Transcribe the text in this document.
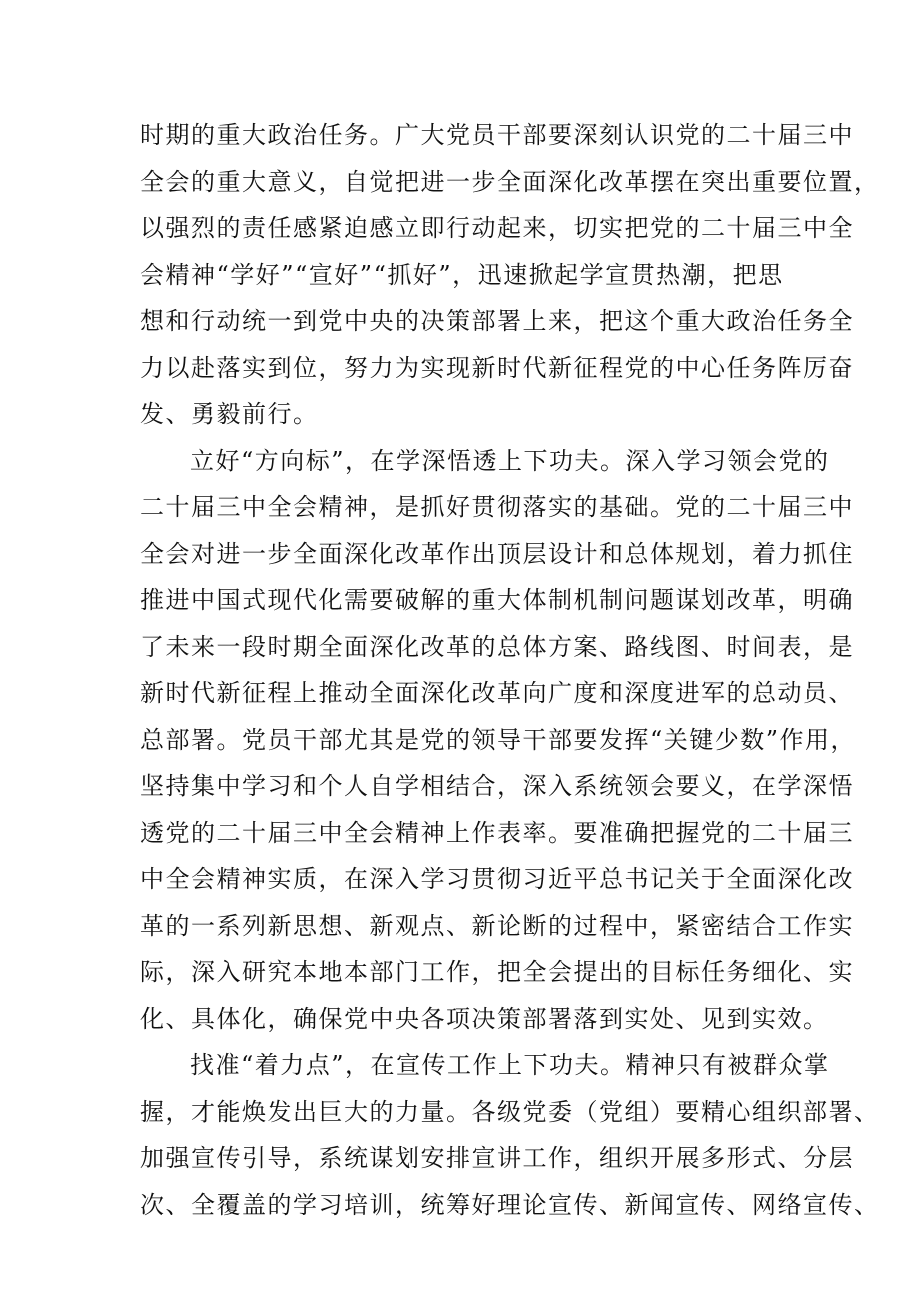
时期的重大政治任务。广大党员干部要深刻认识党的二十届三中
全会的重大意义，自觉把进一步全面深化改革摆在突出重要位置，
以强烈的责任感紧迫感立即行动起来，切实把党的二十届三中全
会精神“学好”“宣好”“抓好”，迅速掀起学宣贯热潮，把思
想和行动统一到党中央的决策部署上来，把这个重大政治任务全
力以赴落实到位，努力为实现新时代新征程党的中心任务阵厉奋
发、勇毅前行。
立好“方向标”，在学深悟透上下功夫。深入学习领会党的
二十届三中全会精神，是抓好贯彻落实的基础。党的二十届三中
全会对进一步全面深化改革作出顶层设计和总体规划，着力抓住
推进中国式现代化需要破解的重大体制机制问题谋划改革，明确
了未来一段时期全面深化改革的总体方案、路线图、时间表，是
新时代新征程上推动全面深化改革向广度和深度进军的总动员、
总部署。党员干部尤其是党的领导干部要发挥“关键少数”作用，
坚持集中学习和个人自学相结合，深入系统领会要义，在学深悟
透党的二十届三中全会精神上作表率。要准确把握党的二十届三
中全会精神实质，在深入学习贯彻习近平总书记关于全面深化改
革的一系列新思想、新观点、新论断的过程中，紧密结合工作实
际，深入研究本地本部门工作，把全会提出的目标任务细化、实
化、具体化，确保党中央各项决策部署落到实处、见到实效。
找准“着力点”，在宣传工作上下功夫。精神只有被群众掌
握，才能焕发出巨大的力量。各级党委（党组）要精心组织部署、
加强宣传引导，系统谋划安排宣讲工作，组织开展多形式、分层
次、全覆盖的学习培训，统筹好理论宣传、新闻宣传、网络宣传、
